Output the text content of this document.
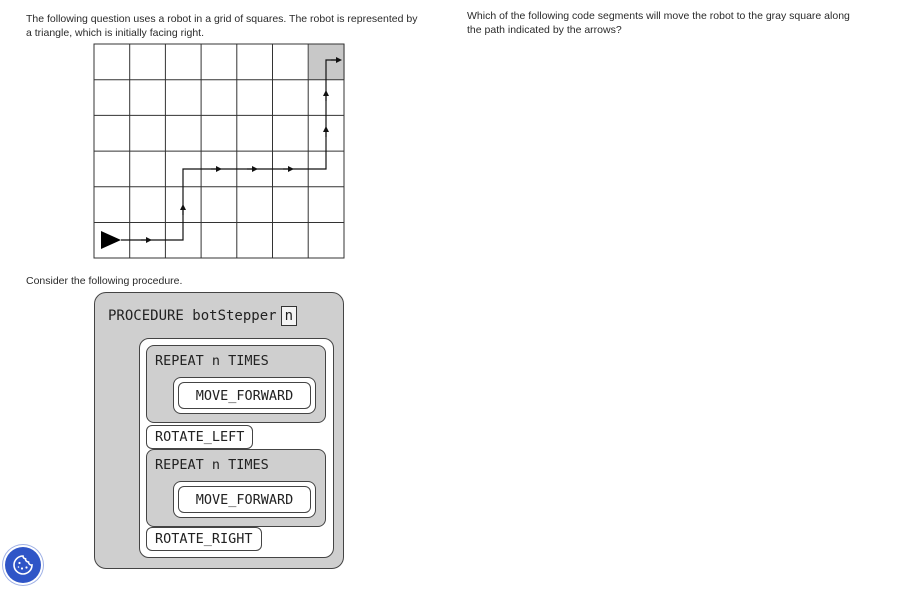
The following question uses a robot in a grid of squares. The robot is represented by a triangle, which is initially facing right.
Which of the following code segments will move the robot to the gray square along the path indicated by the arrows?
Consider the following procedure.
PROCEDURE botStepper n
REPEAT n TIMES
MOVE_FORWARD
ROTATE_LEFT
REPEAT n TIMES
MOVE_FORWARD
ROTATE_RIGHT
